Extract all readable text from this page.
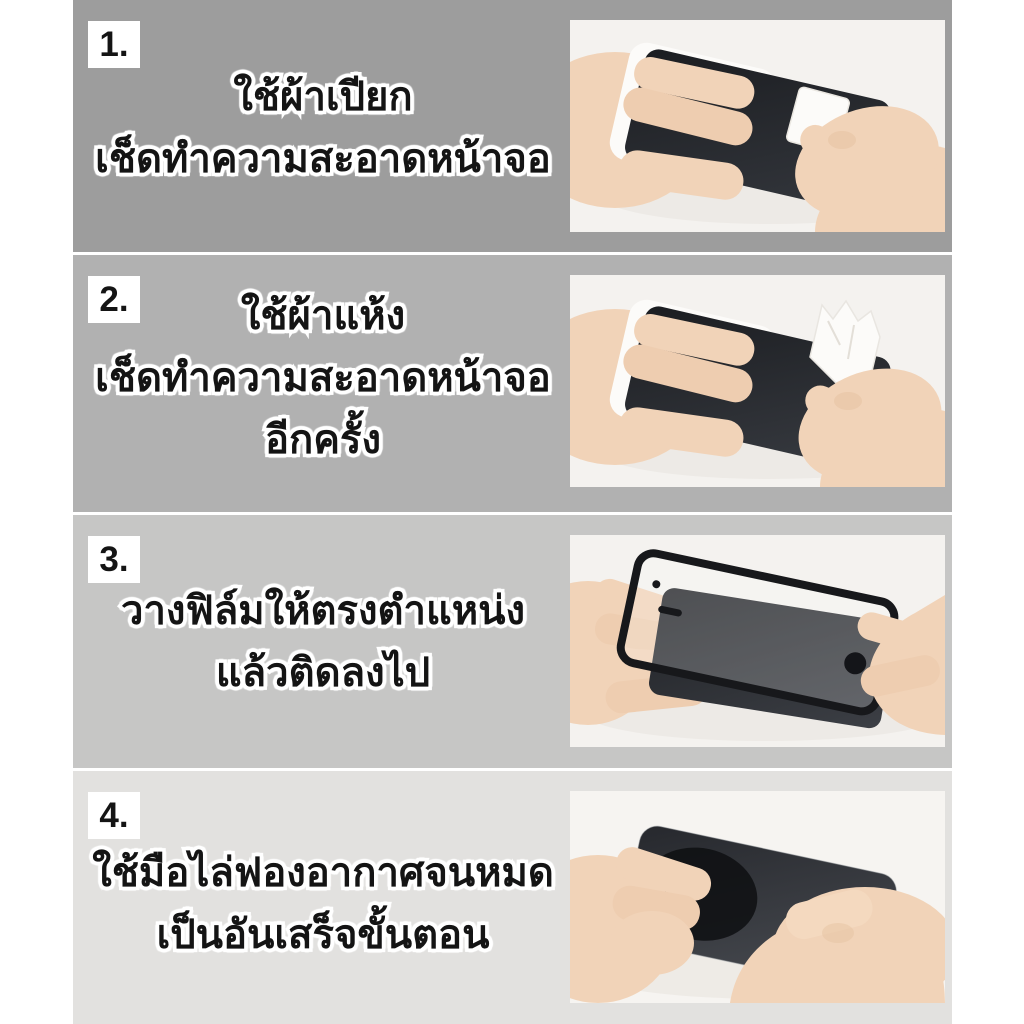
1.
ใช้ผ้าเปียก
เช็ดทำความสะอาดหน้าจอ
2.	ใช้ผ้าแห้ง
เช็ดทำความสะอาดหน้าจอ
อีกครั้ง
3.
วางฟิล์มให้ตรงตำแหน่ง
แล้วติดลงไป
4.
ใช้มือไล่ฟองอากาศจนหมด
เป็นอันเสร็จขั้นตอน
